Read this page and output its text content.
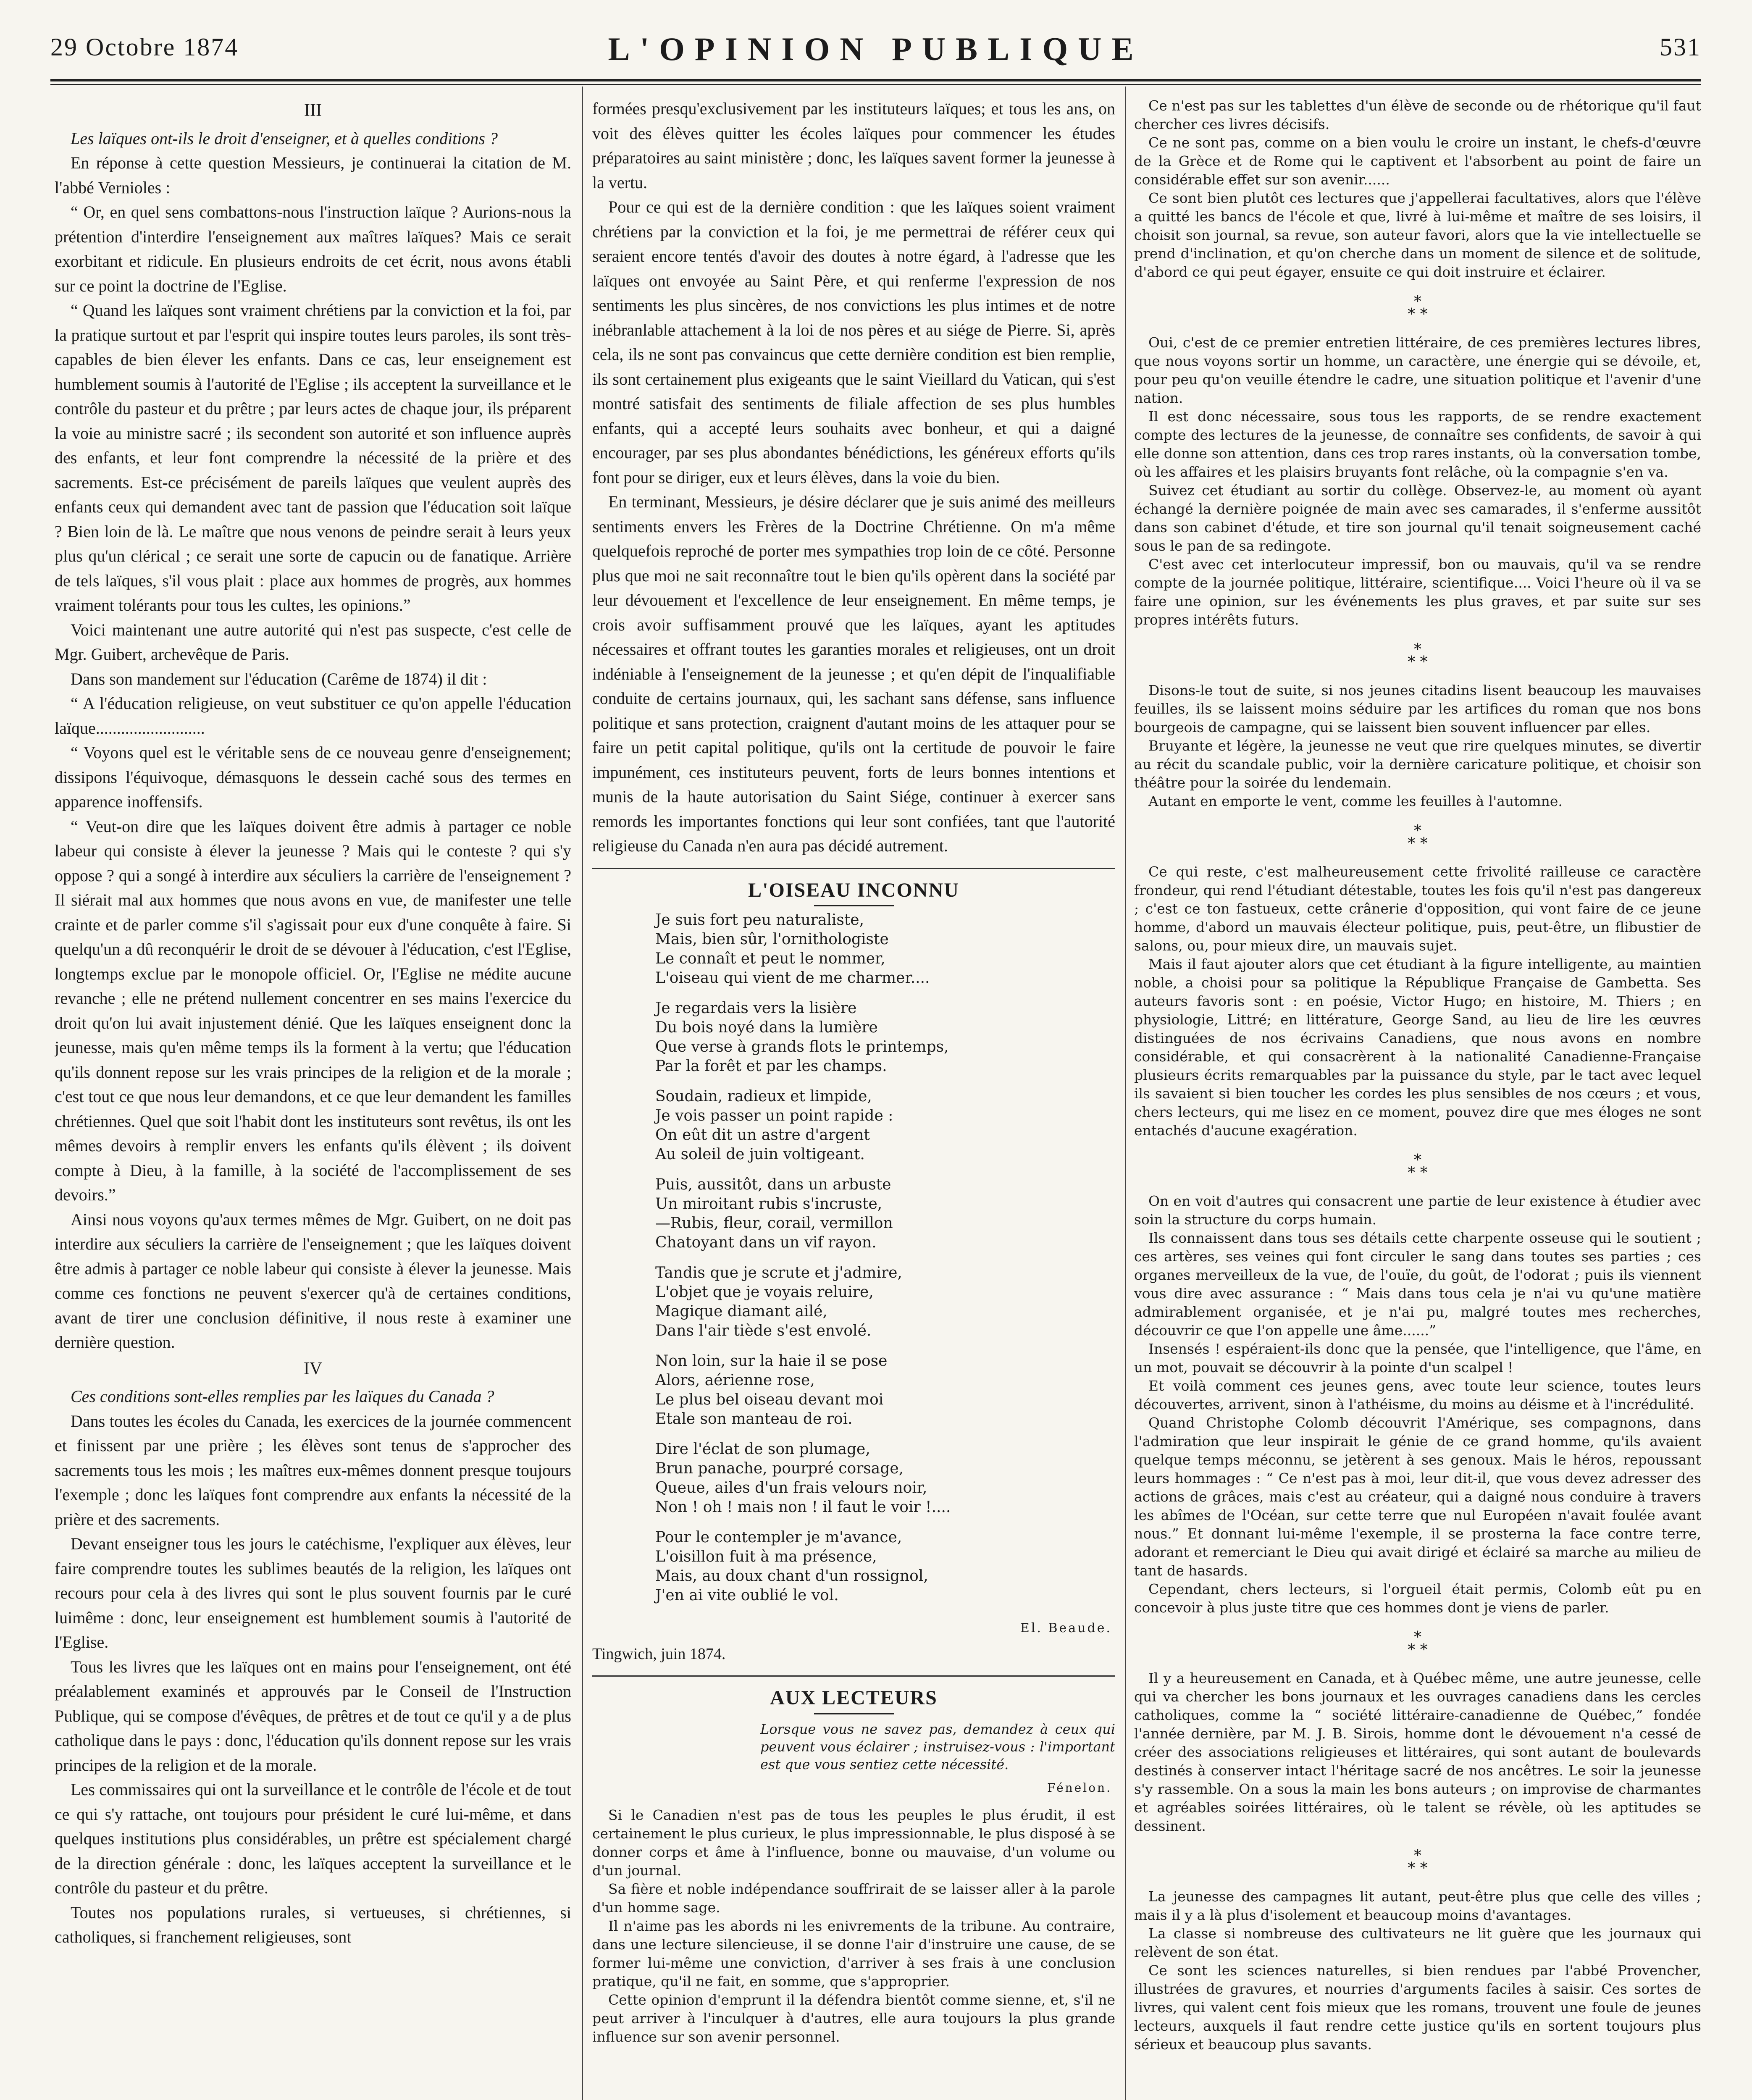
29 Octobre 1874	L'OPINION PUBLIQUE	531
III

Les laïques ont-ils le droit d'enseigner, et à quelles conditions ?

En réponse à cette question Messieurs, je continuerai la citation de M. l'abbé Vernioles :

“ Or, en quel sens combattons-nous l'instruction laïque ? Aurions-nous la prétention d'interdire l'enseignement aux maîtres laïques? Mais ce serait exorbitant et ridicule. En plusieurs endroits de cet écrit, nous avons établi sur ce point la doctrine de l'Eglise.

“ Quand les laïques sont vraiment chrétiens par la conviction et la foi, par la pratique surtout et par l'esprit qui inspire toutes leurs paroles, ils sont très-capables de bien élever les enfants. Dans ce cas, leur enseignement est humblement soumis à l'autorité de l'Eglise ; ils acceptent la surveillance et le contrôle du pasteur et du prêtre ; par leurs actes de chaque jour, ils préparent la voie au ministre sacré ; ils secondent son autorité et son influence auprès des enfants, et leur font comprendre la nécessité de la prière et des sacrements. Est-ce précisément de pareils laïques que veulent auprès des enfants ceux qui demandent avec tant de passion que l'éducation soit laïque ? Bien loin de là. Le maître que nous venons de peindre serait à leurs yeux plus qu'un clérical ; ce serait une sorte de capucin ou de fanatique. Arrière de tels laïques, s'il vous plait : place aux hommes de progrès, aux hommes vraiment tolérants pour tous les cultes, les opinions.”

Voici maintenant une autre autorité qui n'est pas suspecte, c'est celle de Mgr. Guibert, archevêque de Paris.

Dans son mandement sur l'éducation (Carême de 1874) il dit :

“ A l'éducation religieuse, on veut substituer ce qu'on appelle l'éducation laïque..........................

“ Voyons quel est le véritable sens de ce nouveau genre d'enseignement; dissipons l'équivoque, démasquons le dessein caché sous des termes en apparence inoffensifs.

“ Veut-on dire que les laïques doivent être admis à partager ce noble labeur qui consiste à élever la jeunesse ? Mais qui le conteste ? qui s'y oppose ? qui a songé à interdire aux séculiers la carrière de l'enseignement ? Il siérait mal aux hommes que nous avons en vue, de manifester une telle crainte et de parler comme s'il s'agissait pour eux d'une conquête à faire. Si quelqu'un a dû reconquérir le droit de se dévouer à l'éducation, c'est l'Eglise, longtemps exclue par le monopole officiel. Or, l'Eglise ne médite aucune revanche ; elle ne prétend nullement concentrer en ses mains l'exercice du droit qu'on lui avait injustement dénié. Que les laïques enseignent donc la jeunesse, mais qu'en même temps ils la forment à la vertu; que l'éducation qu'ils donnent repose sur les vrais principes de la religion et de la morale ; c'est tout ce que nous leur demandons, et ce que leur demandent les familles chrétiennes. Quel que soit l'habit dont les instituteurs sont revêtus, ils ont les mêmes devoirs à remplir envers les enfants qu'ils élèvent ; ils doivent compte à Dieu, à la famille, à la société de l'accomplissement de ses devoirs.”

Ainsi nous voyons qu'aux termes mêmes de Mgr. Guibert, on ne doit pas interdire aux séculiers la carrière de l'enseignement ; que les laïques doivent être admis à partager ce noble labeur qui consiste à élever la jeunesse. Mais comme ces fonctions ne peuvent s'exercer qu'à de certaines conditions, avant de tirer une conclusion définitive, il nous reste à examiner une dernière question.

IV

Ces conditions sont-elles remplies par les laïques du Canada ?

Dans toutes les écoles du Canada, les exercices de la journée commencent et finissent par une prière ; les élèves sont tenus de s'approcher des sacrements tous les mois ; les maîtres eux-mêmes donnent presque toujours l'exemple ; donc les laïques font comprendre aux enfants la nécessité de la prière et des sacrements.

Devant enseigner tous les jours le catéchisme, l'expliquer aux élèves, leur faire comprendre toutes les sublimes beautés de la religion, les laïques ont recours pour cela à des livres qui sont le plus souvent fournis par le curé luimême : donc, leur enseignement est humblement soumis à l'autorité de l'Eglise.

Tous les livres que les laïques ont en mains pour l'enseignement, ont été préalablement examinés et approuvés par le Conseil de l'Instruction Publique, qui se compose d'évêques, de prêtres et de tout ce qu'il y a de plus catholique dans le pays : donc, l'éducation qu'ils donnent repose sur les vrais principes de la religion et de la morale.

Les commissaires qui ont la surveillance et le contrôle de l'école et de tout ce qui s'y rattache, ont toujours pour président le curé lui-même, et dans quelques institutions plus considérables, un prêtre est spécialement chargé de la direction générale : donc, les laïques acceptent la surveillance et le contrôle du pasteur et du prêtre.

Toutes nos populations rurales, si vertueuses, si chrétiennes, si catholiques, si franchement religieuses, sont

formées presqu'exclusivement par les instituteurs laïques; et tous les ans, on voit des élèves quitter les écoles laïques pour commencer les études préparatoires au saint ministère ; donc, les laïques savent former la jeunesse à la vertu.

Pour ce qui est de la dernière condition : que les laïques soient vraiment chrétiens par la conviction et la foi, je me permettrai de référer ceux qui seraient encore tentés d'avoir des doutes à notre égard, à l'adresse que les laïques ont envoyée au Saint Père, et qui renferme l'expression de nos sentiments les plus sincères, de nos convictions les plus intimes et de notre inébranlable attachement à la loi de nos pères et au siége de Pierre. Si, après cela, ils ne sont pas convaincus que cette dernière condition est bien remplie, ils sont certainement plus exigeants que le saint Vieillard du Vatican, qui s'est montré satisfait des sentiments de filiale affection de ses plus humbles enfants, qui a accepté leurs souhaits avec bonheur, et qui a daigné encourager, par ses plus abondantes bénédictions, les généreux efforts qu'ils font pour se diriger, eux et leurs élèves, dans la voie du bien.

En terminant, Messieurs, je désire déclarer que je suis animé des meilleurs sentiments envers les Frères de la Doctrine Chrétienne. On m'a même quelquefois reproché de porter mes sympathies trop loin de ce côté. Personne plus que moi ne sait reconnaître tout le bien qu'ils opèrent dans la société par leur dévouement et l'excellence de leur enseignement. En même temps, je crois avoir suffisamment prouvé que les laïques, ayant les aptitudes nécessaires et offrant toutes les garanties morales et religieuses, ont un droit indéniable à l'enseignement de la jeunesse ; et qu'en dépit de l'inqualifiable conduite de certains journaux, qui, les sachant sans défense, sans influence politique et sans protection, craignent d'autant moins de les attaquer pour se faire un petit capital politique, qu'ils ont la certitude de pouvoir le faire impunément, ces instituteurs peuvent, forts de leurs bonnes intentions et munis de la haute autorisation du Saint Siége, continuer à exercer sans remords les importantes fonctions qui leur sont confiées, tant que l'autorité religieuse du Canada n'en aura pas décidé autrement.

L'OISEAU INCONNU
Je suis fort peu naturaliste,
Mais, bien sûr, l'ornithologiste
Le connaît et peut le nommer,
L'oiseau qui vient de me charmer....
Je regardais vers la lisière
Du bois noyé dans la lumière
Que verse à grands flots le printemps,
Par la forêt et par les champs.
Soudain, radieux et limpide,
Je vois passer un point rapide :
On eût dit un astre d'argent
Au soleil de juin voltigeant.
Puis, aussitôt, dans un arbuste
Un miroitant rubis s'incruste,
—Rubis, fleur, corail, vermillon
Chatoyant dans un vif rayon.
Tandis que je scrute et j'admire,
L'objet que je voyais reluire,
Magique diamant ailé,
Dans l'air tiède s'est envolé.
Non loin, sur la haie il se pose
Alors, aérienne rose,
Le plus bel oiseau devant moi
Etale son manteau de roi.
Dire l'éclat de son plumage,
Brun panache, pourpré corsage,
Queue, ailes d'un frais velours noir,
Non ! oh ! mais non ! il faut le voir !....
Pour le contempler je m'avance,
L'oisillon fuit à ma présence,
Mais, au doux chant d'un rossignol,
J'en ai vite oublié le vol.
El. Beaude.
Tingwich, juin 1874.
AUX LECTEURS
Lorsque vous ne savez pas, demandez à ceux qui peuvent vous éclairer ; instruisez-vous : l'important est que vous sentiez cette nécessité.
Fénelon.

Si le Canadien n'est pas de tous les peuples le plus érudit, il est certainement le plus curieux, le plus impressionnable, le plus disposé à se donner corps et âme à l'influence, bonne ou mauvaise, d'un volume ou d'un journal.

Sa fière et noble indépendance souffrirait de se laisser aller à la parole d'un homme sage.

Il n'aime pas les abords ni les enivrements de la tribune. Au contraire, dans une lecture silencieuse, il se donne l'air d'instruire une cause, de se former lui-même une conviction, d'arriver à ses frais à une conclusion pratique, qu'il ne fait, en somme, que s'approprier.

Cette opinion d'emprunt il la défendra bientôt comme sienne, et, s'il ne peut arriver à l'inculquer à d'autres, elle aura toujours la plus grande influence sur son avenir personnel.

Ce n'est pas sur les tablettes d'un élève de seconde ou de rhétorique qu'il faut chercher ces livres décisifs.

Ce ne sont pas, comme on a bien voulu le croire un instant, le chefs-d'œuvre de la Grèce et de Rome qui le captivent et l'absorbent au point de faire un considérable effet sur son avenir......

Ce sont bien plutôt ces lectures que j'appellerai facultatives, alors que l'élève a quitté les bancs de l'école et que, livré à lui-même et maître de ses loisirs, il choisit son journal, sa revue, son auteur favori, alors que la vie intellectuelle se prend d'inclination, et qu'on cherche dans un moment de silence et de solitude, d'abord ce qui peut égayer, ensuite ce qui doit instruire et éclairer.

*
* *

Oui, c'est de ce premier entretien littéraire, de ces premières lectures libres, que nous voyons sortir un homme, un caractère, une énergie qui se dévoile, et, pour peu qu'on veuille étendre le cadre, une situation politique et l'avenir d'une nation.

Il est donc nécessaire, sous tous les rapports, de se rendre exactement compte des lectures de la jeunesse, de connaître ses confidents, de savoir à qui elle donne son attention, dans ces trop rares instants, où la conversation tombe, où les affaires et les plaisirs bruyants font relâche, où la compagnie s'en va.

Suivez cet étudiant au sortir du collège. Observez-le, au moment où ayant échangé la dernière poignée de main avec ses camarades, il s'enferme aussitôt dans son cabinet d'étude, et tire son journal qu'il tenait soigneusement caché sous le pan de sa redingote.

C'est avec cet interlocuteur impressif, bon ou mauvais, qu'il va se rendre compte de la journée politique, littéraire, scientifique.... Voici l'heure où il va se faire une opinion, sur les événements les plus graves, et par suite sur ses propres intérêts futurs.

*
* *

Disons-le tout de suite, si nos jeunes citadins lisent beaucoup les mauvaises feuilles, ils se laissent moins séduire par les artifices du roman que nos bons bourgeois de campagne, qui se laissent bien souvent influencer par elles.

Bruyante et légère, la jeunesse ne veut que rire quelques minutes, se divertir au récit du scandale public, voir la dernière caricature politique, et choisir son théâtre pour la soirée du lendemain.

Autant en emporte le vent, comme les feuilles à l'automne.

*
* *

Ce qui reste, c'est malheureusement cette frivolité railleuse ce caractère frondeur, qui rend l'étudiant détestable, toutes les fois qu'il n'est pas dangereux ; c'est ce ton fastueux, cette crânerie d'opposition, qui vont faire de ce jeune homme, d'abord un mauvais électeur politique, puis, peut-être, un flibustier de salons, ou, pour mieux dire, un mauvais sujet.

Mais il faut ajouter alors que cet étudiant à la figure intelligente, au maintien noble, a choisi pour sa politique la République Française de Gambetta. Ses auteurs favoris sont : en poésie, Victor Hugo; en histoire, M. Thiers ; en physiologie, Littré; en littérature, George Sand, au lieu de lire les œuvres distinguées de nos écrivains Canadiens, que nous avons en nombre considérable, et qui consacrèrent à la nationalité Canadienne-Française plusieurs écrits remarquables par la puissance du style, par le tact avec lequel ils savaient si bien toucher les cordes les plus sensibles de nos cœurs ; et vous, chers lecteurs, qui me lisez en ce moment, pouvez dire que mes éloges ne sont entachés d'aucune exagération.

*
* *

On en voit d'autres qui consacrent une partie de leur existence à étudier avec soin la structure du corps humain.

Ils connaissent dans tous ses détails cette charpente osseuse qui le soutient ; ces artères, ses veines qui font circuler le sang dans toutes ses parties ; ces organes merveilleux de la vue, de l'ouïe, du goût, de l'odorat ; puis ils viennent vous dire avec assurance : “ Mais dans tous cela je n'ai vu qu'une matière admirablement organisée, et je n'ai pu, malgré toutes mes recherches, découvrir ce que l'on appelle une âme......”

Insensés ! espéraient-ils donc que la pensée, que l'intelligence, que l'âme, en un mot, pouvait se découvrir à la pointe d'un scalpel !

Et voilà comment ces jeunes gens, avec toute leur science, toutes leurs découvertes, arrivent, sinon à l'athéisme, du moins au déisme et à l'incrédulité.

Quand Christophe Colomb découvrit l'Amérique, ses compagnons, dans l'admiration que leur inspirait le génie de ce grand homme, qu'ils avaient quelque temps méconnu, se jetèrent à ses genoux. Mais le héros, repoussant leurs hommages : “ Ce n'est pas à moi, leur dit-il, que vous devez adresser des actions de grâces, mais c'est au créateur, qui a daigné nous conduire à travers les abîmes de l'Océan, sur cette terre que nul Européen n'avait foulée avant nous.” Et donnant lui-même l'exemple, il se prosterna la face contre terre, adorant et remerciant le Dieu qui avait dirigé et éclairé sa marche au milieu de tant de hasards.

Cependant, chers lecteurs, si l'orgueil était permis, Colomb eût pu en concevoir à plus juste titre que ces hommes dont je viens de parler.

*
* *

Il y a heureusement en Canada, et à Québec même, une autre jeunesse, celle qui va chercher les bons journaux et les ouvrages canadiens dans les cercles catholiques, comme la “ société littéraire-canadienne de Québec,” fondée l'année dernière, par M. J. B. Sirois, homme dont le dévouement n'a cessé de créer des associations religieuses et littéraires, qui sont autant de boulevards destinés à conserver intact l'héritage sacré de nos ancêtres. Le soir la jeunesse s'y rassemble. On a sous la main les bons auteurs ; on improvise de charmantes et agréables soirées littéraires, où le talent se révèle, où les aptitudes se dessinent.

*
* *

La jeunesse des campagnes lit autant, peut-être plus que celle des villes ; mais il y a là plus d'isolement et beaucoup moins d'avantages.

La classe si nombreuse des cultivateurs ne lit guère que les journaux qui relèvent de son état.

Ce sont les sciences naturelles, si bien rendues par l'abbé Provencher, illustrées de gravures, et nourries d'arguments faciles à saisir. Ces sortes de livres, qui valent cent fois mieux que les romans, trouvent une foule de jeunes lecteurs, auxquels il faut rendre cette justice qu'ils en sortent toujours plus sérieux et beaucoup plus savants.
